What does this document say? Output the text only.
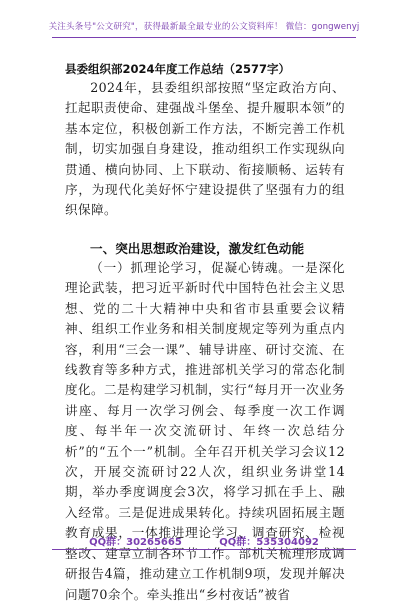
关注头条号"公文研究"，获得最新最全最专业的公文资料库！ 微信：gongwenyj
县委组织部2024年度工作总结（2577字）

2024年，县委组织部按照“坚定政治方向、扛起职责使命、建强战斗堡垒、提升履职本领”的基本定位，积极创新工作方法，不断完善工作机制，切实加强自身建设，推动组织工作实现纵向贯通、横向协同、上下联动、衔接顺畅、运转有序，为现代化美好怀宁建设提供了坚强有力的组织保障。

一、突出思想政治建设，激发红色动能

（一）抓理论学习，促凝心铸魂。一是深化理论武装，把习近平新时代中国特色社会主义思想、党的二十大精神中央和省市县重要会议精神、组织工作业务和相关制度规定等列为重点内容，利用“三会一课”、辅导讲座、研讨交流、在线教育等多种方式，推进部机关学习的常态化制度化。二是构建学习机制，实行“每月开一次业务讲座、每月一次学习例会、每季度一次工作调度、每半年一次交流研讨、年终一次总结分析”的“五个一”机制。全年召开机关学习会议12次，开展交流研讨22人次，组织业务讲堂14期，举办季度调度会3次，将学习抓在手上、融入经常。三是促进成果转化。持续巩固拓展主题教育成果，一体推进理论学习、调查研究、检视整改、建章立制各环节工作。部机关梳理形成调研报告4篇，推动建立工作机制9项，发现并解决问题70余个。牵头推出“乡村夜话”被省

QQ群：30265665	QQ群：535304092
